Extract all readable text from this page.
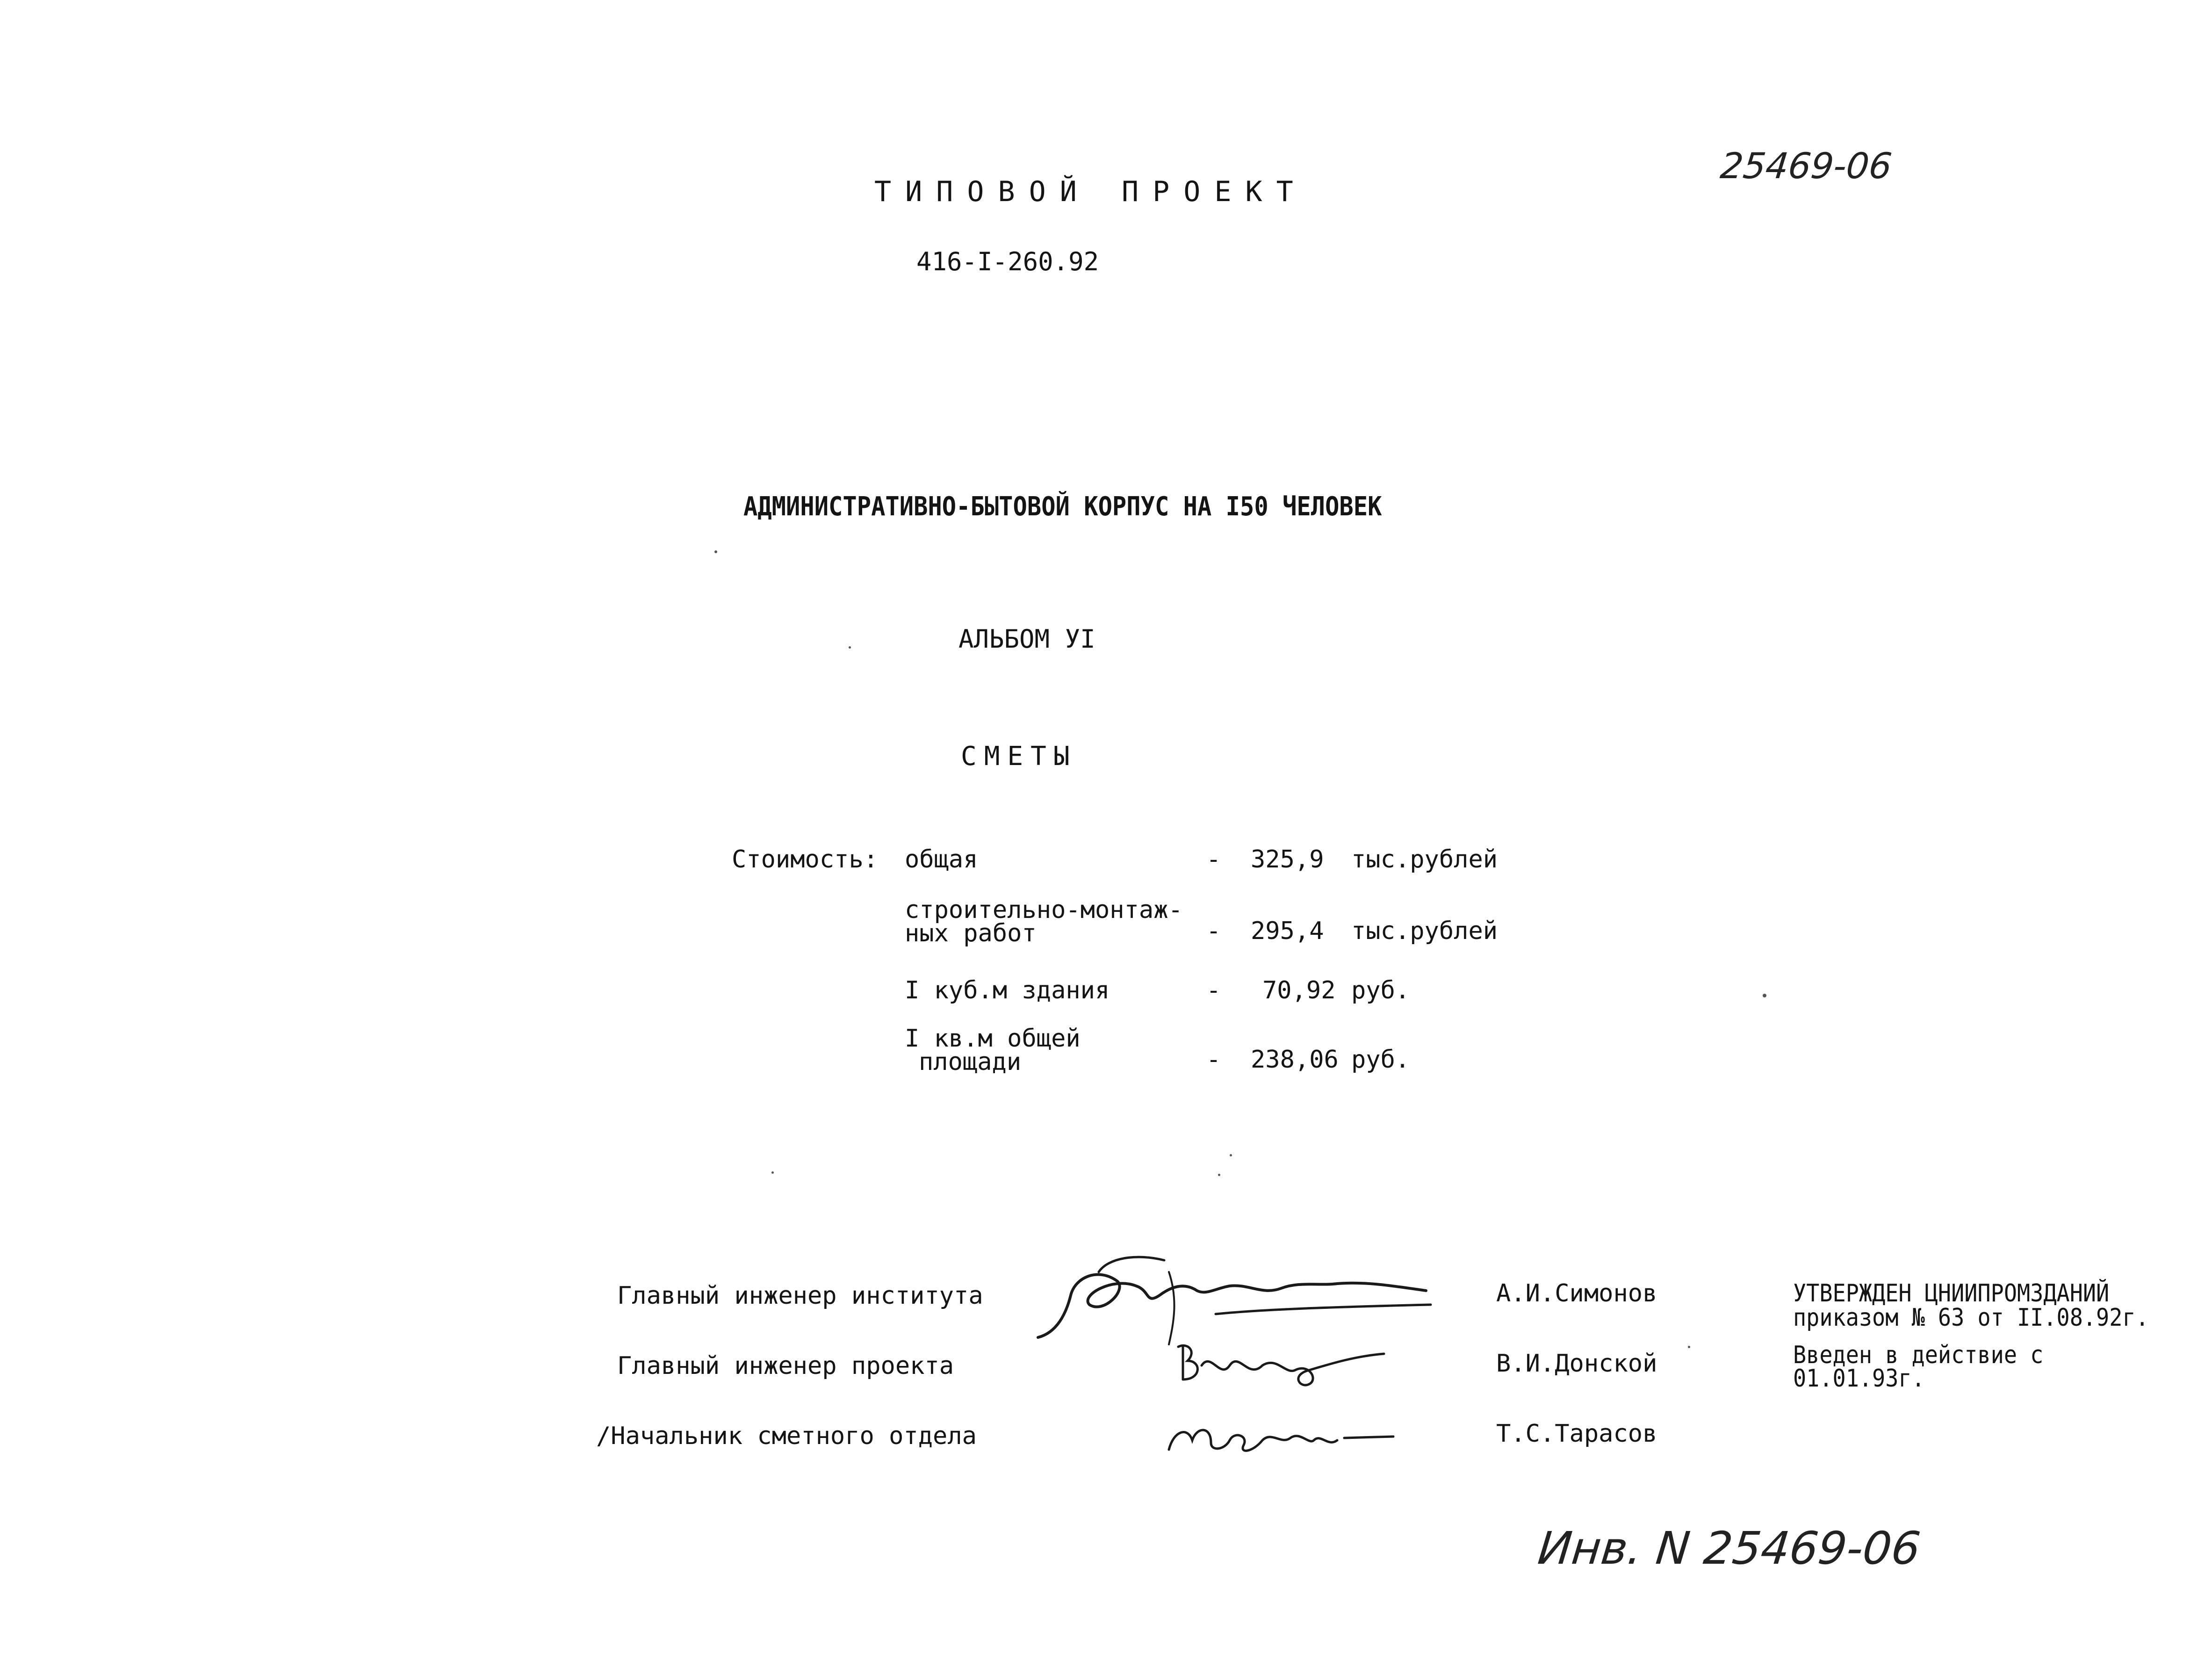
25469-06
ТИПОВОЙ ПРОЕКТ
416-I-260.92
АДМИНИСТРАТИВНО-БЫТОВОЙ КОРПУС НА I50 ЧЕЛОВЕК
АЛЬБОМ УI
СМЕТЫ
Стоимость: общая	- 325,9 тыс.рублей
строительно-монтаж-
ных работ	- 295,4 тыс.рублей
I куб.м здания	- 70,92 руб.
I кв.м общей
площади	- 238,06 руб.
Главный инженер института	А.И.Симонов
Главный инженер проекта	В.И.Донской
/Начальник сметного отдела	Т.С.Тарасов
УТВЕРЖДЕН ЦНИИПРОМЗДАНИЙ
приказом № 63 от II.08.92г.
Введен в действие с
01.01.93г.
Инв. N 25469-06
